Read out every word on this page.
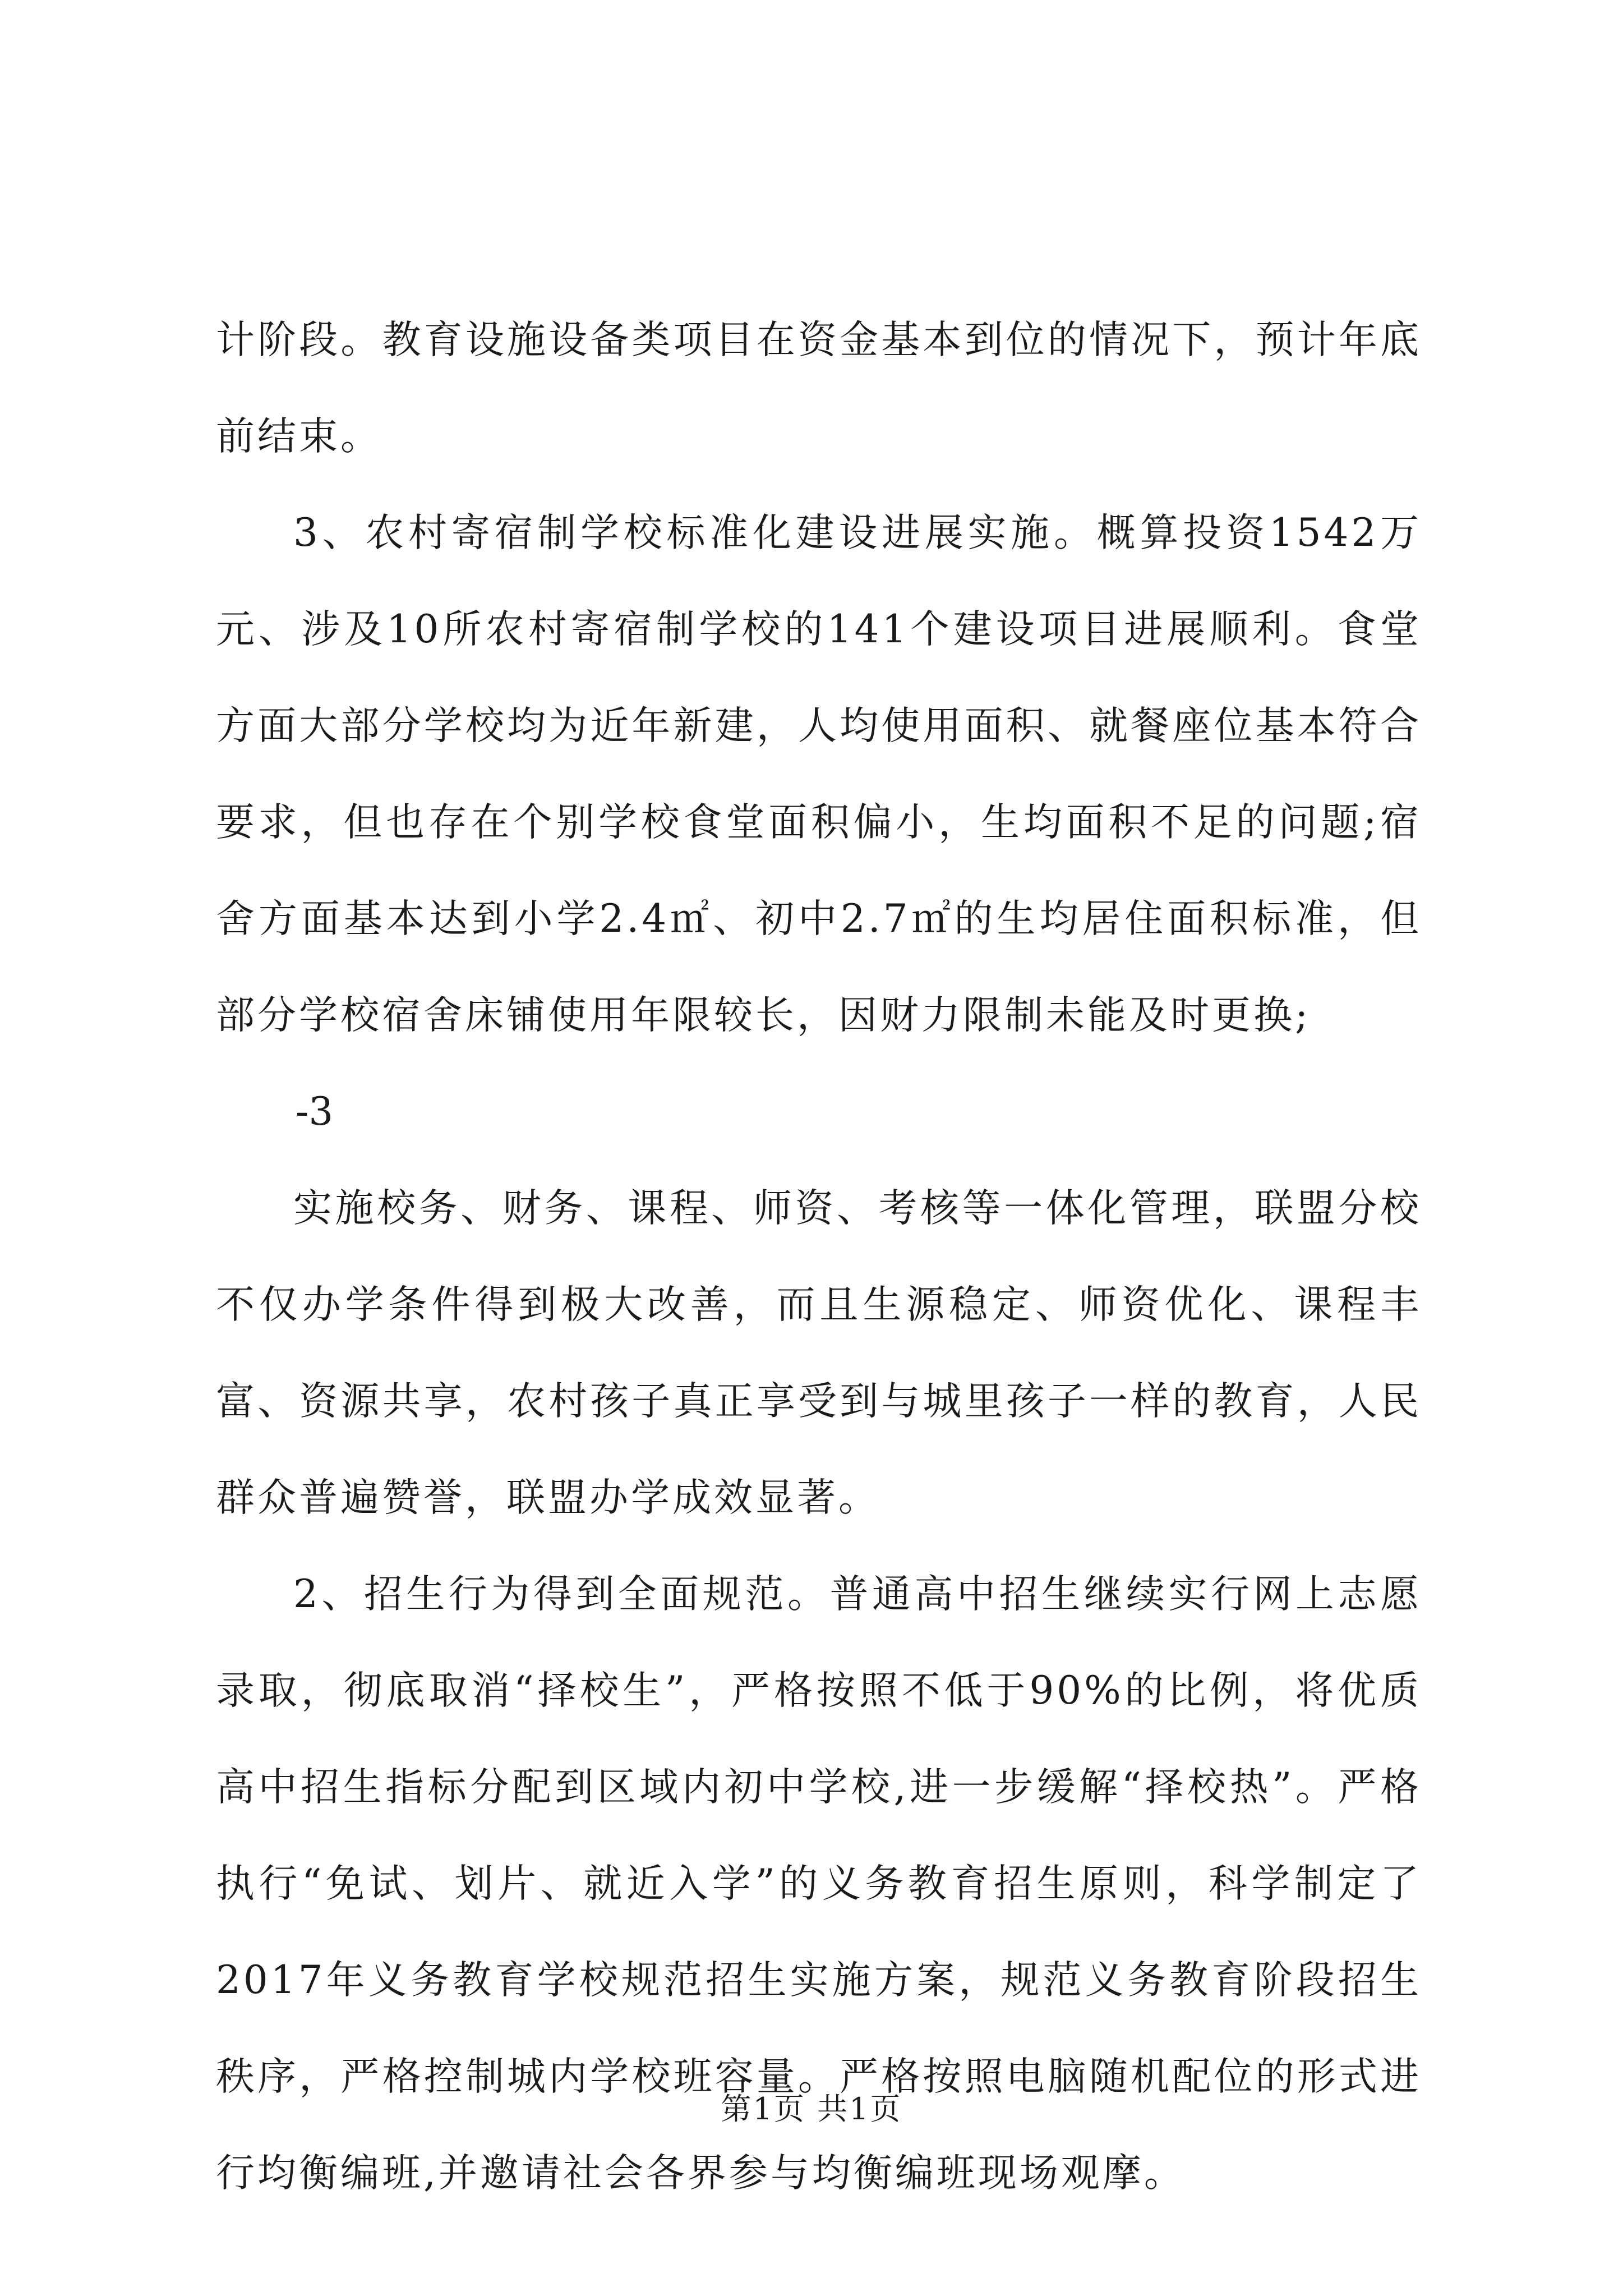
计阶段。教育设施设备类项目在资金基本到位的情况下，预计年底前结束。

3、农村寄宿制学校标准化建设进展实施。概算投资1542万元、涉及10所农村寄宿制学校的141个建设项目进展顺利。食堂方面大部分学校均为近年新建，人均使用面积、就餐座位基本符合要求，但也存在个别学校食堂面积偏小，生均面积不足的问题;宿舍方面基本达到小学2.4㎡、初中2.7㎡的生均居住面积标准，但部分学校宿舍床铺使用年限较长，因财力限制未能及时更换;

-3

实施校务、财务、课程、师资、考核等一体化管理，联盟分校不仅办学条件得到极大改善，而且生源稳定、师资优化、课程丰富、资源共享，农村孩子真正享受到与城里孩子一样的教育，人民群众普遍赞誉，联盟办学成效显著。

2、招生行为得到全面规范。普通高中招生继续实行网上志愿录取，彻底取消“择校生”，严格按照不低于90%的比例，将优质高中招生指标分配到区域内初中学校,进一步缓解“择校热”。严格执行“免试、划片、就近入学”的义务教育招生原则，科学制定了2017年义务教育学校规范招生实施方案，规范义务教育阶段招生秩序，严格控制城内学校班容量。严格按照电脑随机配位的形式进行均衡编班,并邀请社会各界参与均衡编班现场观摩。

第1页 共1页
